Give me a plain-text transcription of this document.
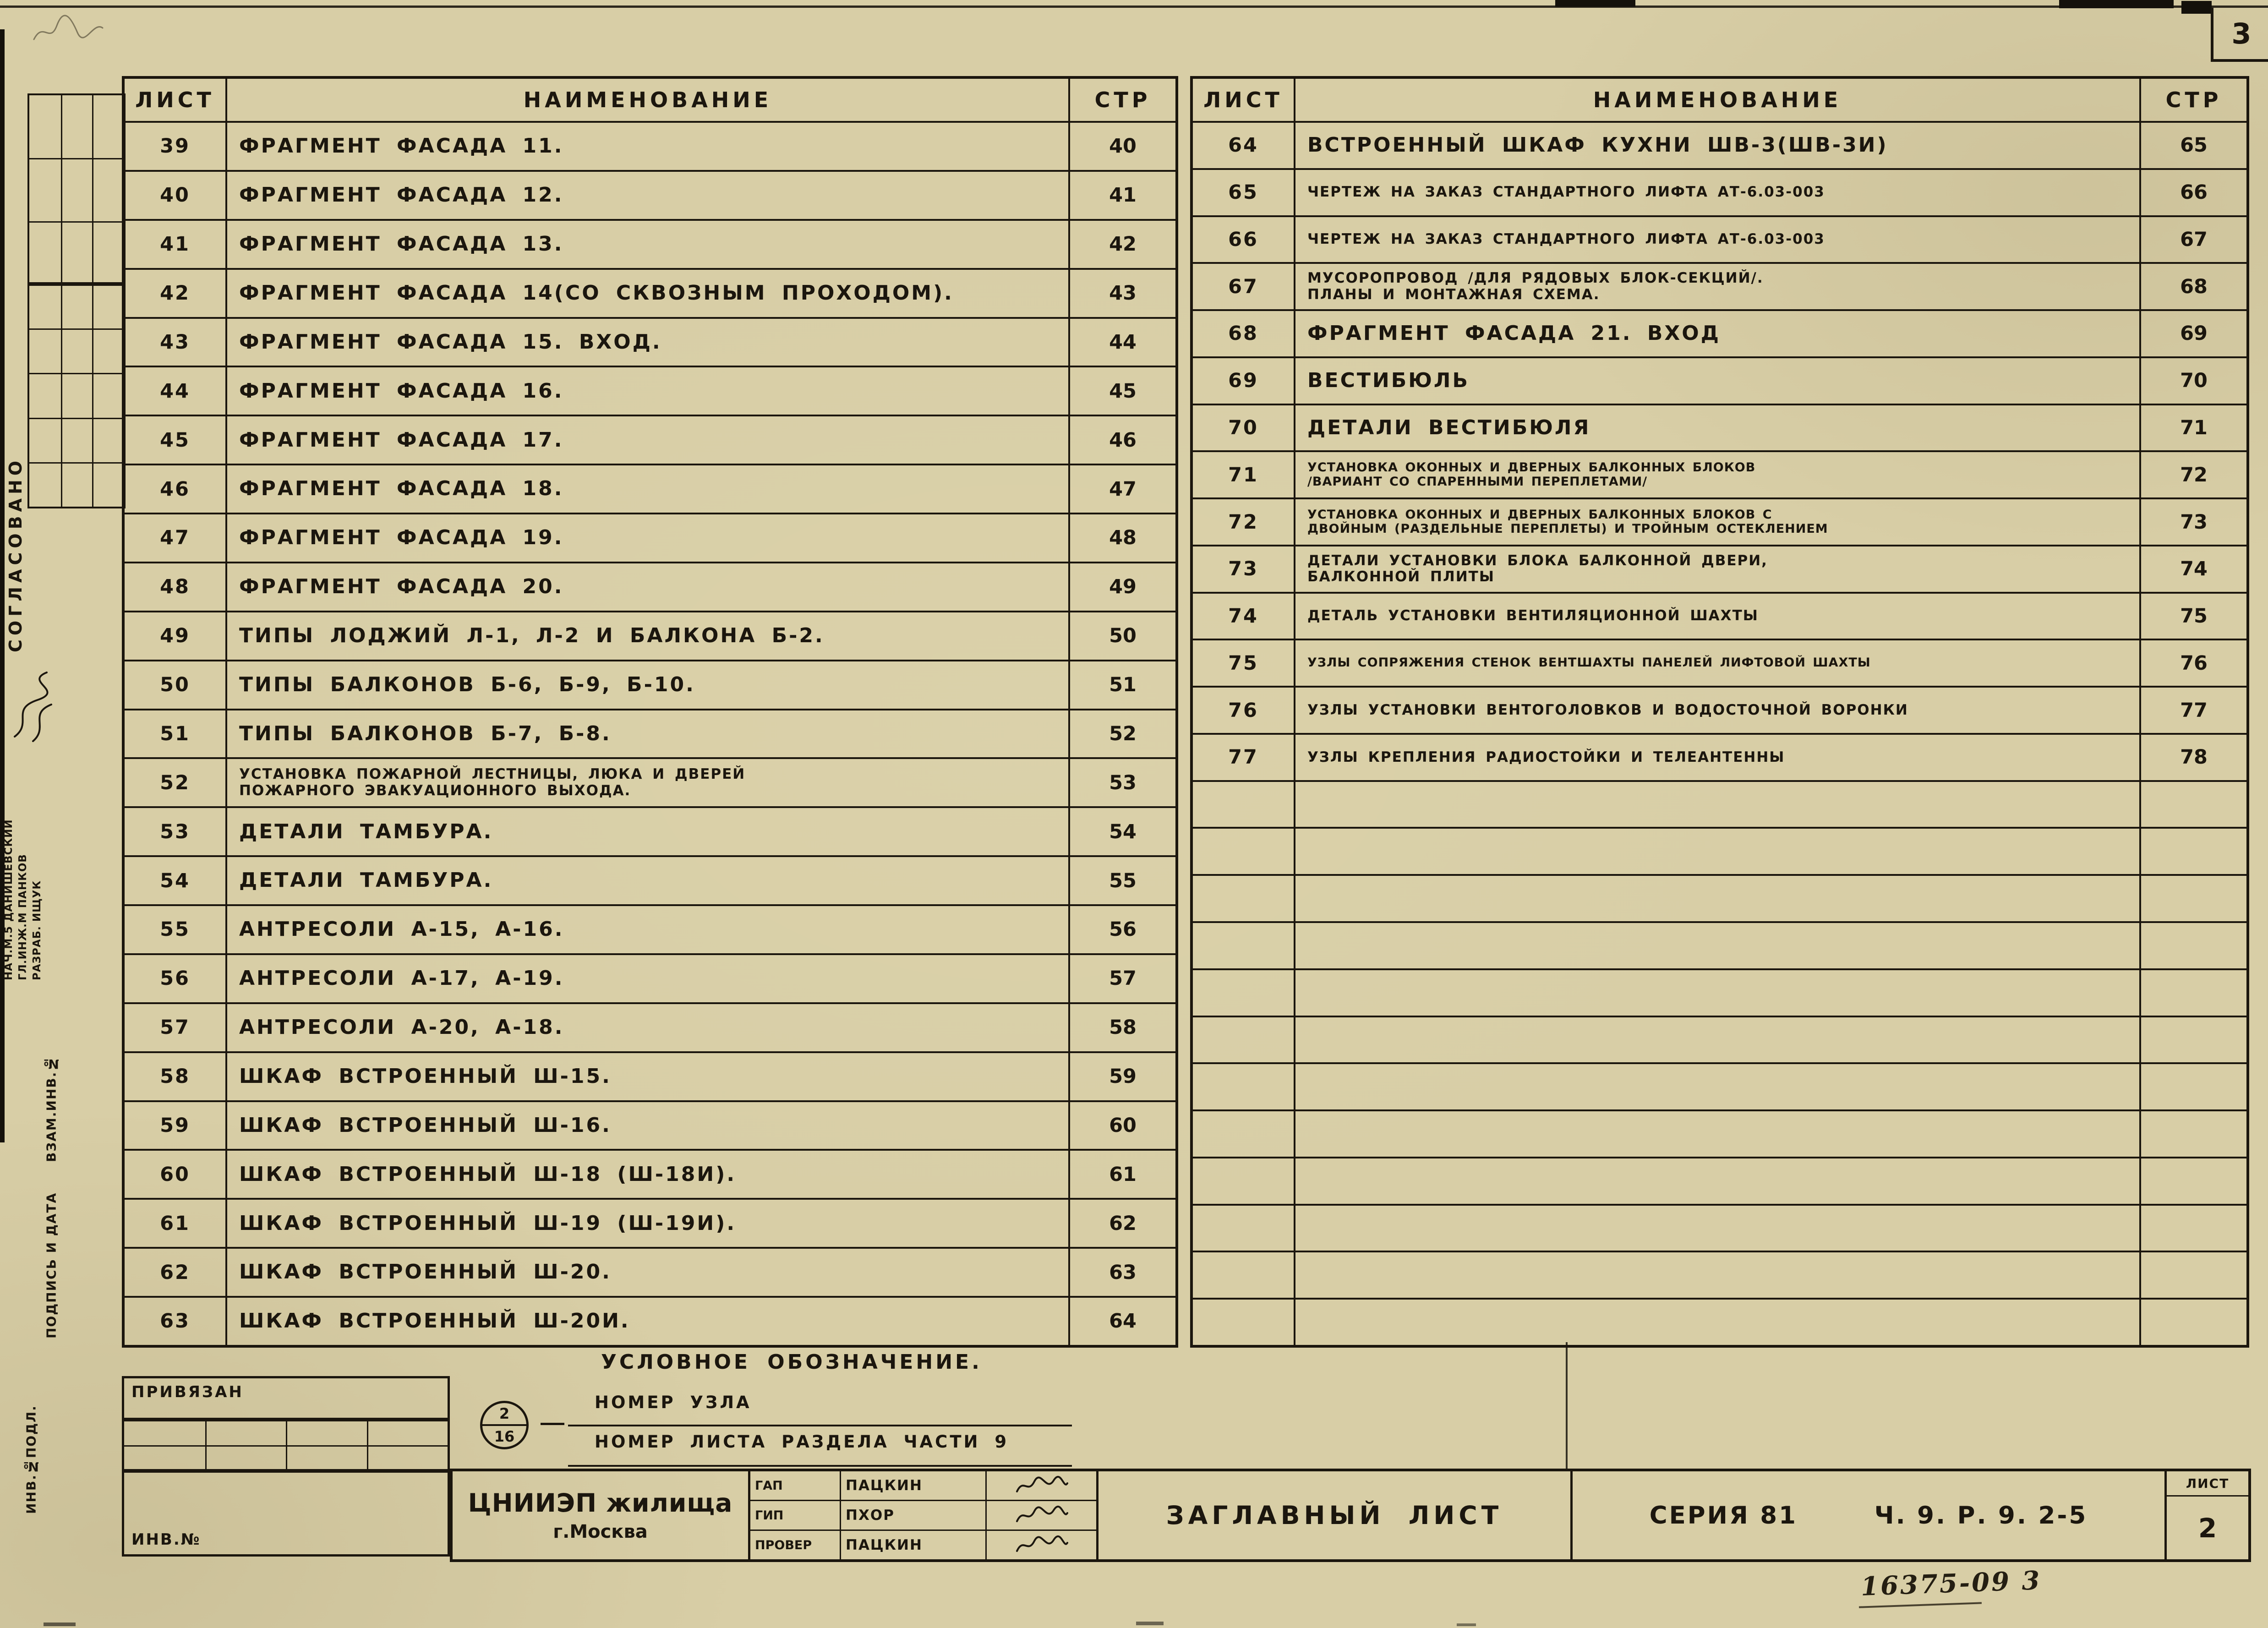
3
ЛИСТ	НАИМЕНОВАНИЕ	СТР
39	ФРАГМЕНТ ФАСАДА 11.	40
40	ФРАГМЕНТ ФАСАДА 12.	41
41	ФРАГМЕНТ ФАСАДА 13.	42
42	ФРАГМЕНТ ФАСАДА 14(СО СКВОЗНЫМ ПРОХОДОМ).	43
43	ФРАГМЕНТ ФАСАДА 15. ВХОД.	44
44	ФРАГМЕНТ ФАСАДА 16.	45
45	ФРАГМЕНТ ФАСАДА 17.	46
46	ФРАГМЕНТ ФАСАДА 18.	47
47	ФРАГМЕНТ ФАСАДА 19.	48
48	ФРАГМЕНТ ФАСАДА 20.	49
49	ТИПЫ ЛОДЖИЙ Л-1, Л-2 И БАЛКОНА Б-2.	50
50	ТИПЫ БАЛКОНОВ Б-6, Б-9, Б-10.	51
51	ТИПЫ БАЛКОНОВ Б-7, Б-8.	52
52	УСТАНОВКА ПОЖАРНОЙ ЛЕСТНИЦЫ, ЛЮКА И ДВЕРЕЙ
ПОЖАРНОГО ЭВАКУАЦИОННОГО ВЫХОДА.	53
53	ДЕТАЛИ ТАМБУРА.	54
54	ДЕТАЛИ ТАМБУРА.	55
55	АНТРЕСОЛИ А-15, А-16.	56
56	АНТРЕСОЛИ А-17, А-19.	57
57	АНТРЕСОЛИ А-20, А-18.	58
58	ШКАФ ВСТРОЕННЫЙ Ш-15.	59
59	ШКАФ ВСТРОЕННЫЙ Ш-16.	60
60	ШКАФ ВСТРОЕННЫЙ Ш-18 (Ш-18И).	61
61	ШКАФ ВСТРОЕННЫЙ Ш-19 (Ш-19И).	62
62	ШКАФ ВСТРОЕННЫЙ Ш-20.	63
63	ШКАФ ВСТРОЕННЫЙ Ш-20И.	64
ЛИСТ	НАИМЕНОВАНИЕ	СТР
64	ВСТРОЕННЫЙ ШКАФ КУХНИ ШВ-3(ШВ-3И)	65
65	ЧЕРТЕЖ НА ЗАКАЗ СТАНДАРТНОГО ЛИФТА АТ-6.03-003	66
66	ЧЕРТЕЖ НА ЗАКАЗ СТАНДАРТНОГО ЛИФТА АТ-6.03-003	67
67	МУСОРОПРОВОД /ДЛЯ РЯДОВЫХ БЛОК-СЕКЦИЙ/.
ПЛАНЫ И МОНТАЖНАЯ СХЕМА.	68
68	ФРАГМЕНТ ФАСАДА 21. ВХОД	69
69	ВЕСТИБЮЛЬ	70
70	ДЕТАЛИ ВЕСТИБЮЛЯ	71
71	УСТАНОВКА ОКОННЫХ И ДВЕРНЫХ БАЛКОННЫХ БЛОКОВ
/ВАРИАНТ СО СПАРЕННЫМИ ПЕРЕПЛЕТАМИ/	72
72	УСТАНОВКА ОКОННЫХ И ДВЕРНЫХ БАЛКОННЫХ БЛОКОВ С
ДВОЙНЫМ (РАЗДЕЛЬНЫЕ ПЕРЕПЛЕТЫ) И ТРОЙНЫМ ОСТЕКЛЕНИЕМ	73
73	ДЕТАЛИ УСТАНОВКИ БЛОКА БАЛКОННОЙ ДВЕРИ,
БАЛКОННОЙ ПЛИТЫ	74
74	ДЕТАЛЬ УСТАНОВКИ ВЕНТИЛЯЦИОННОЙ ШАХТЫ	75
75	УЗЛЫ СОПРЯЖЕНИЯ СТЕНОК ВЕНТШАХТЫ ПАНЕЛЕЙ ЛИФТОВОЙ ШАХТЫ	76
76	УЗЛЫ УСТАНОВКИ ВЕНТОГОЛОВКОВ И ВОДОСТОЧНОЙ ВОРОНКИ	77
77	УЗЛЫ КРЕПЛЕНИЯ РАДИОСТОЙКИ И ТЕЛЕАНТЕННЫ	78
СОГЛАСОВАНО
НАЧ.М.5 ДАНИШЕВСКИЙ ГЛ.ИНЖ.М ПАНКОВ РАЗРАБ. ИЩУК
ВЗАМ.ИНВ.№
ПОДПИСЬ И ДАТА
ИНВ.№ПОДЛ.
ПРИВЯЗАН
ИНВ.№
УСЛОВНОЕ ОБОЗНАЧЕНИЕ.
2
16
НОМЕР УЗЛА
НОМЕР ЛИСТА РАЗДЕЛА ЧАСТИ 9
ЦНИИЭП жилища
г.Москва
ГАП	ПАЦКИН
ГИП	ПХОР
ПРОВЕР	ПАЦКИН
ЗАГЛАВНЫЙ ЛИСТ	СЕРИЯ 81	Ч. 9. Р. 9. 2-5
ЛИСТ
2
16375-09 3
